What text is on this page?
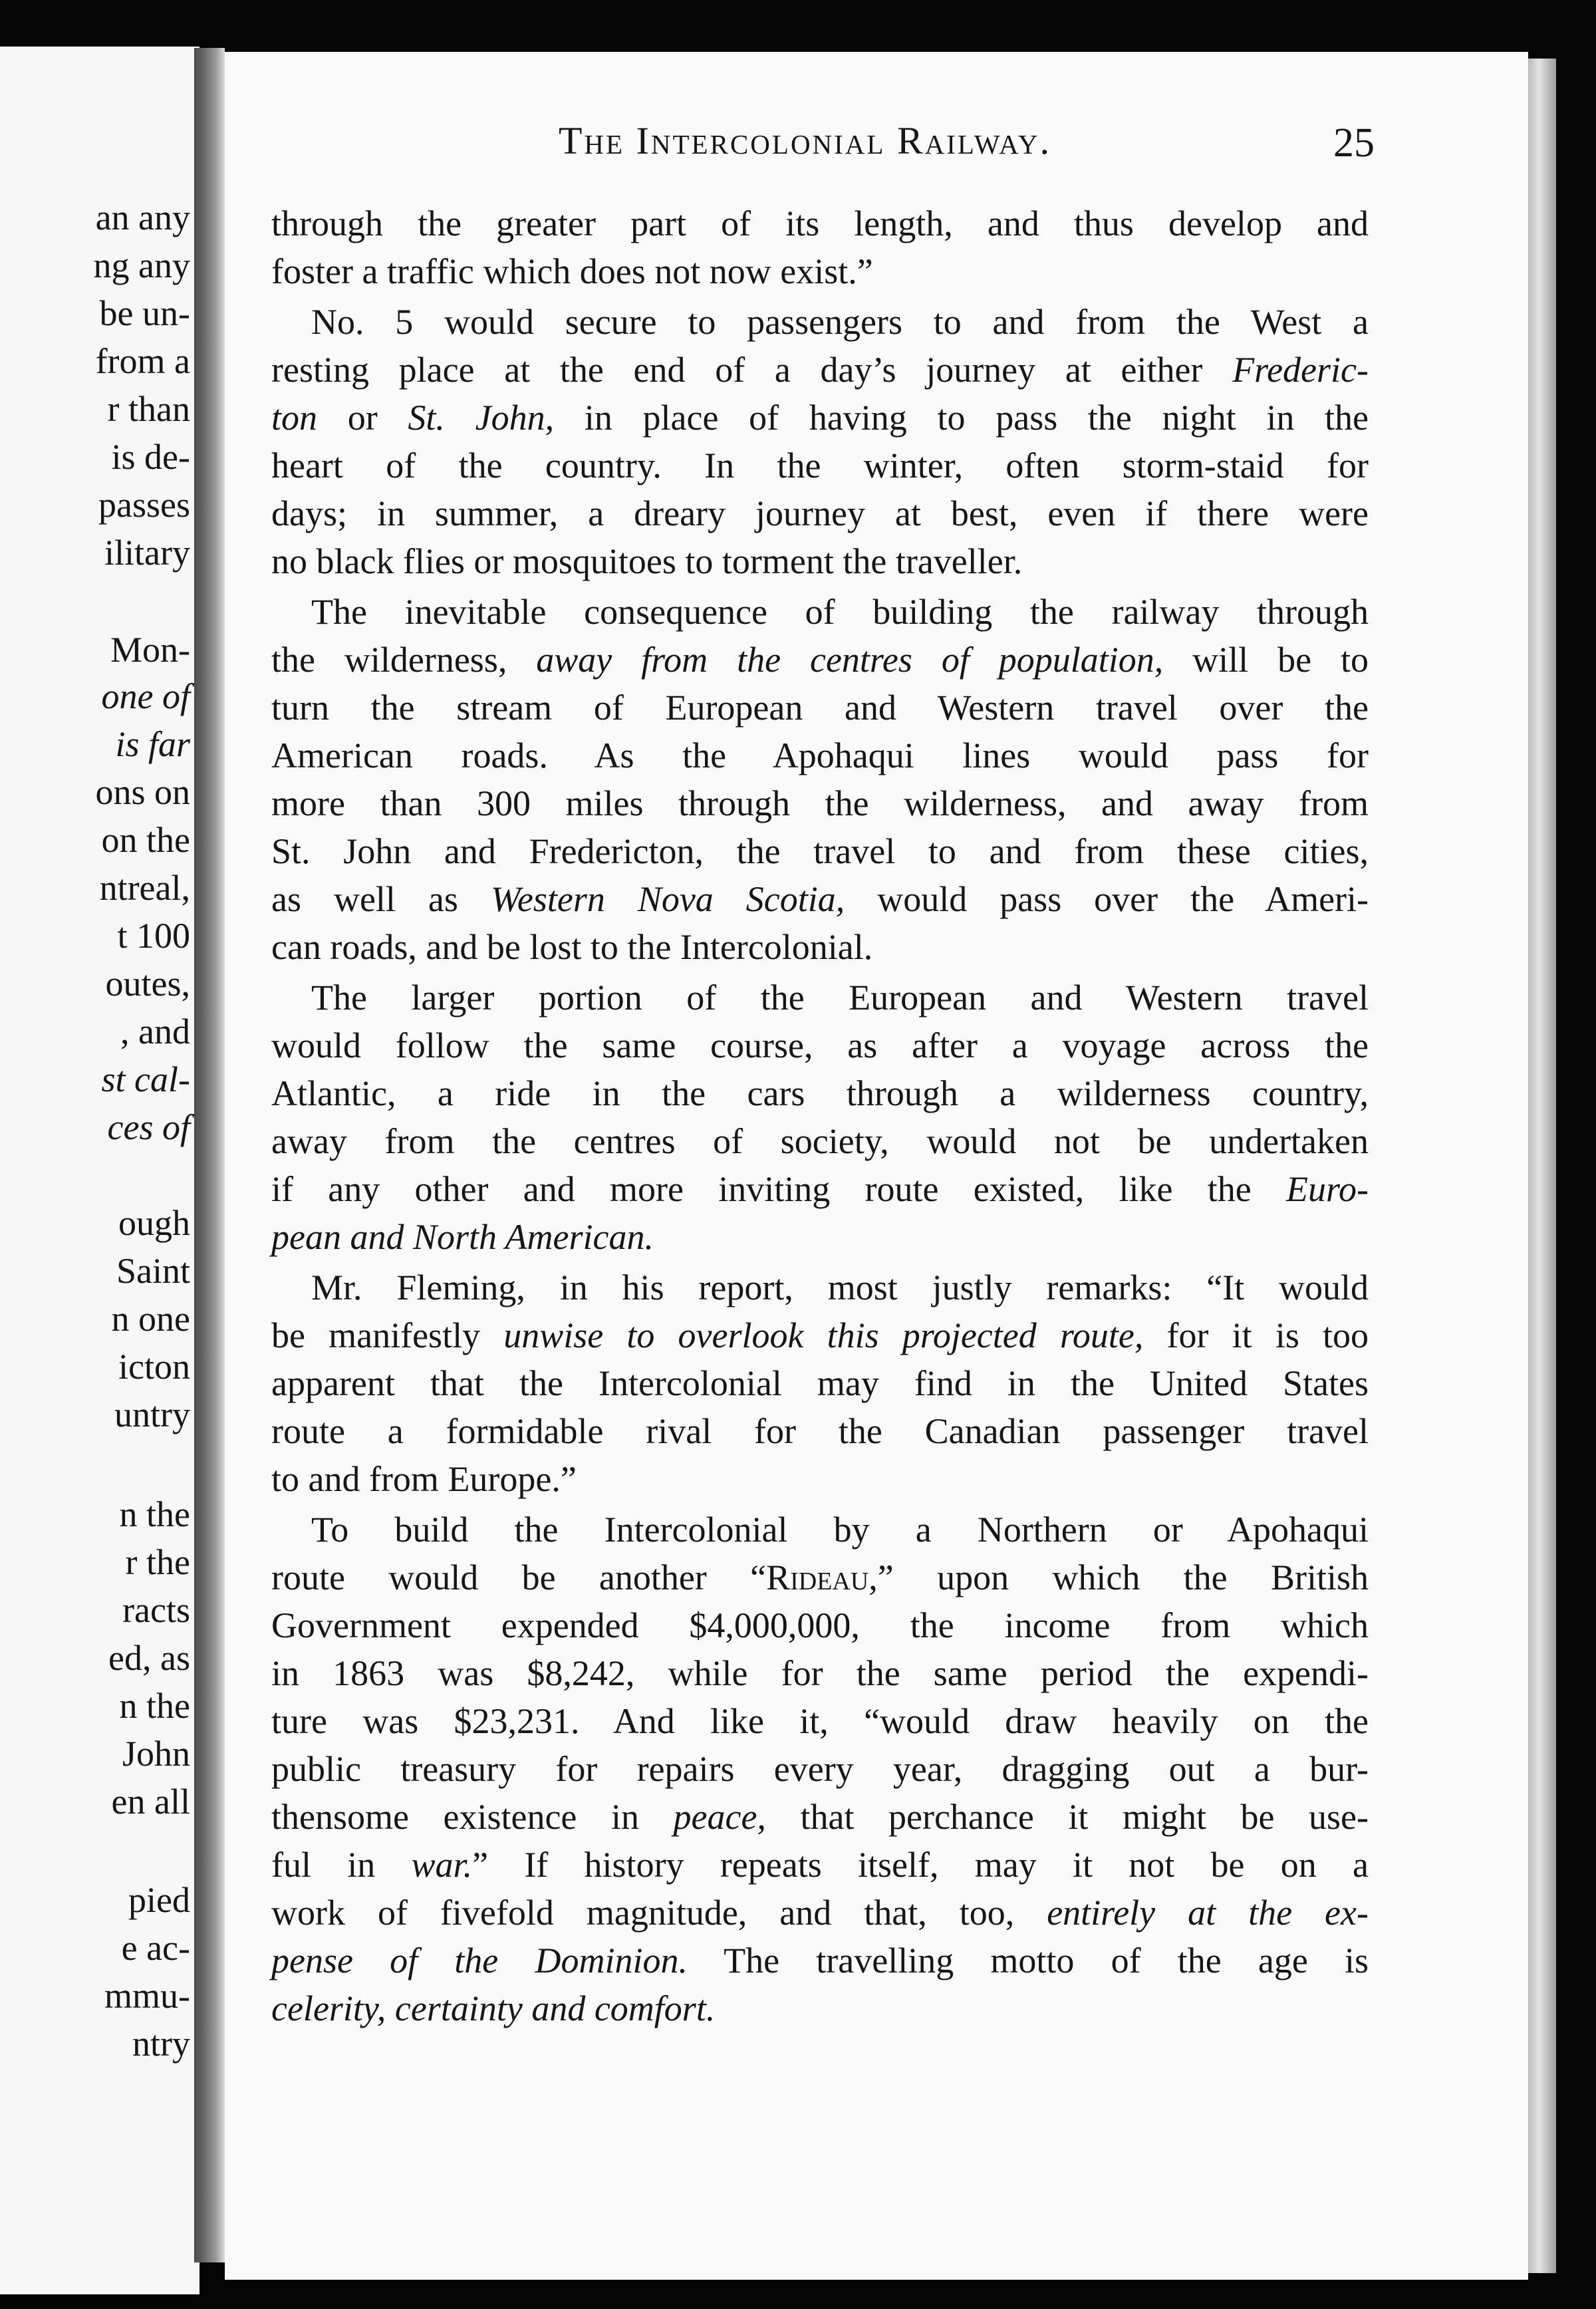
an any
ng any
be un-
from a
r than
is de-
passes
ilitary
Mon-
one of
is far
ons on
on the
ntreal,
t 100
outes,
, and
st cal-
ces of
ough
Saint
n one
icton
untry
n the
r the
racts
ed, as
n the
John
en all
pied
e ac-
mmu-
ntry
The Intercolonial Railway.	25
through the greater part of its length, and thus develop and
foster a traffic which does not now exist.”
No. 5 would secure to passengers to and from the West a
resting place at the end of a day’s journey at either Frederic-
ton or St. John, in place of having to pass the night in the
heart of the country. In the winter, often storm-staid for
days; in summer, a dreary journey at best, even if there were
no black flies or mosquitoes to torment the traveller.
The inevitable consequence of building the railway through
the wilderness, away from the centres of population, will be to
turn the stream of European and Western travel over the
American roads. As the Apohaqui lines would pass for
more than 300 miles through the wilderness, and away from
St. John and Fredericton, the travel to and from these cities,
as well as Western Nova Scotia, would pass over the Ameri-
can roads, and be lost to the Intercolonial.
The larger portion of the European and Western travel
would follow the same course, as after a voyage across the
Atlantic, a ride in the cars through a wilderness country,
away from the centres of society, would not be undertaken
if any other and more inviting route existed, like the Euro-
pean and North American.
Mr. Fleming, in his report, most justly remarks: “It would
be manifestly unwise to overlook this projected route, for it is too
apparent that the Intercolonial may find in the United States
route a formidable rival for the Canadian passenger travel
to and from Europe.”
To build the Intercolonial by a Northern or Apohaqui
route would be another “Rideau,” upon which the British
Government expended $4,000,000, the income from which
in 1863 was $8,242, while for the same period the expendi-
ture was $23,231. And like it, “would draw heavily on the
public treasury for repairs every year, dragging out a bur-
thensome existence in peace, that perchance it might be use-
ful in war.” If history repeats itself, may it not be on a
work of fivefold magnitude, and that, too, entirely at the ex-
pense of the Dominion. The travelling motto of the age is
celerity, certainty and comfort.
